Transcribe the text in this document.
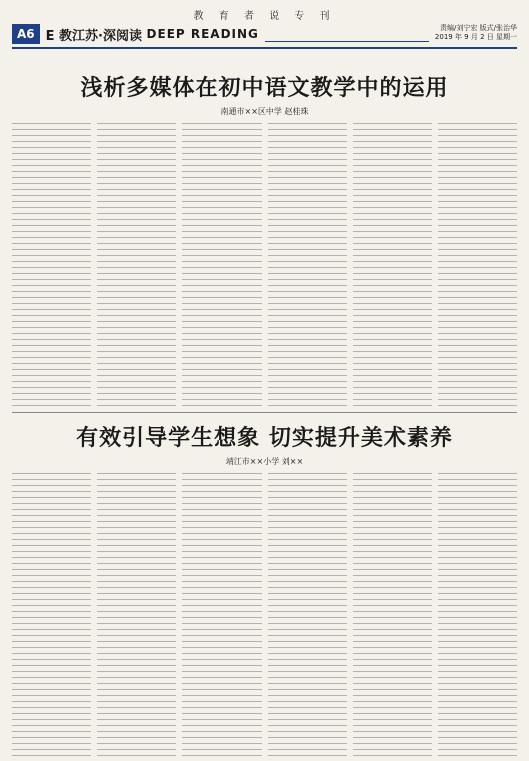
教 育 者 说 专 刊
A6 E 教江苏·深阅读
DEEP READING	责编/刘宁宏 版式/张治华
2019 年 9 月 2 日 星期一
浅析多媒体在初中语文教学中的运用
南通市××区中学 赵桂珠
有效引导学生想象 切实提升美术素养
靖江市××小学 刘××
